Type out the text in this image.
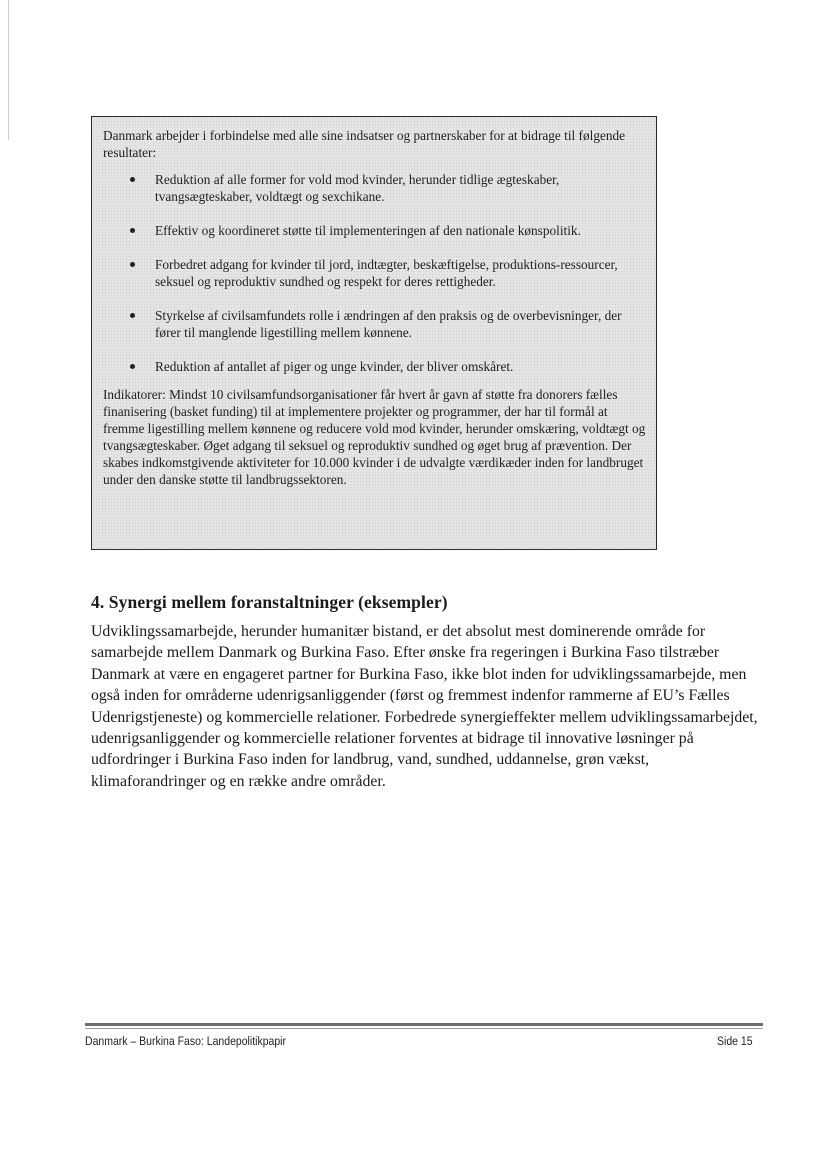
Danmark arbejder i forbindelse med alle sine indsatser og partnerskaber for at bidrage til følgende resultater:

Reduktion af alle former for vold mod kvinder, herunder tidlige ægteskaber, tvangsægteskaber, voldtægt og sexchikane.
Effektiv og koordineret støtte til implementeringen af den nationale kønspolitik.
Forbedret adgang for kvinder til jord, indtægter, beskæftigelse, produktions-ressourcer, seksuel og reproduktiv sundhed og respekt for deres rettigheder.
Styrkelse af civilsamfundets rolle i ændringen af den praksis og de overbevisninger, der fører til manglende ligestilling mellem kønnene.
Reduktion af antallet af piger og unge kvinder, der bliver omskåret.

Indikatorer: Mindst 10 civilsamfundsorganisationer får hvert år gavn af støtte fra donorers fælles finanisering (basket funding) til at implementere projekter og programmer, der har til formål at fremme ligestilling mellem kønnene og reducere vold mod kvinder, herunder omskæring, voldtægt og tvangsægteskaber. Øget adgang til seksuel og reproduktiv sundhed og øget brug af prævention. Der skabes indkomstgivende aktiviteter for 10.000 kvinder i de udvalgte værdikæder inden for landbruget under den danske støtte til landbrugssektoren.

4. Synergi mellem foranstaltninger (eksempler)

Udviklingssamarbejde, herunder humanitær bistand, er det absolut mest dominerende område for samarbejde mellem Danmark og Burkina Faso. Efter ønske fra regeringen i Burkina Faso tilstræber Danmark at være en engageret partner for Burkina Faso, ikke blot inden for udviklingssamarbejde, men også inden for områderne udenrigsanliggender (først og fremmest indenfor rammerne af EU’s Fælles Udenrigstjeneste) og kommercielle relationer. Forbedrede synergieffekter mellem udviklingssamarbejdet, udenrigsanliggender og kommercielle relationer forventes at bidrage til innovative løsninger på udfordringer i Burkina Faso inden for landbrug, vand, sundhed, uddannelse, grøn vækst, klimaforandringer og en række andre områder.

Danmark – Burkina Faso: Landepolitikpapir	Side 15
